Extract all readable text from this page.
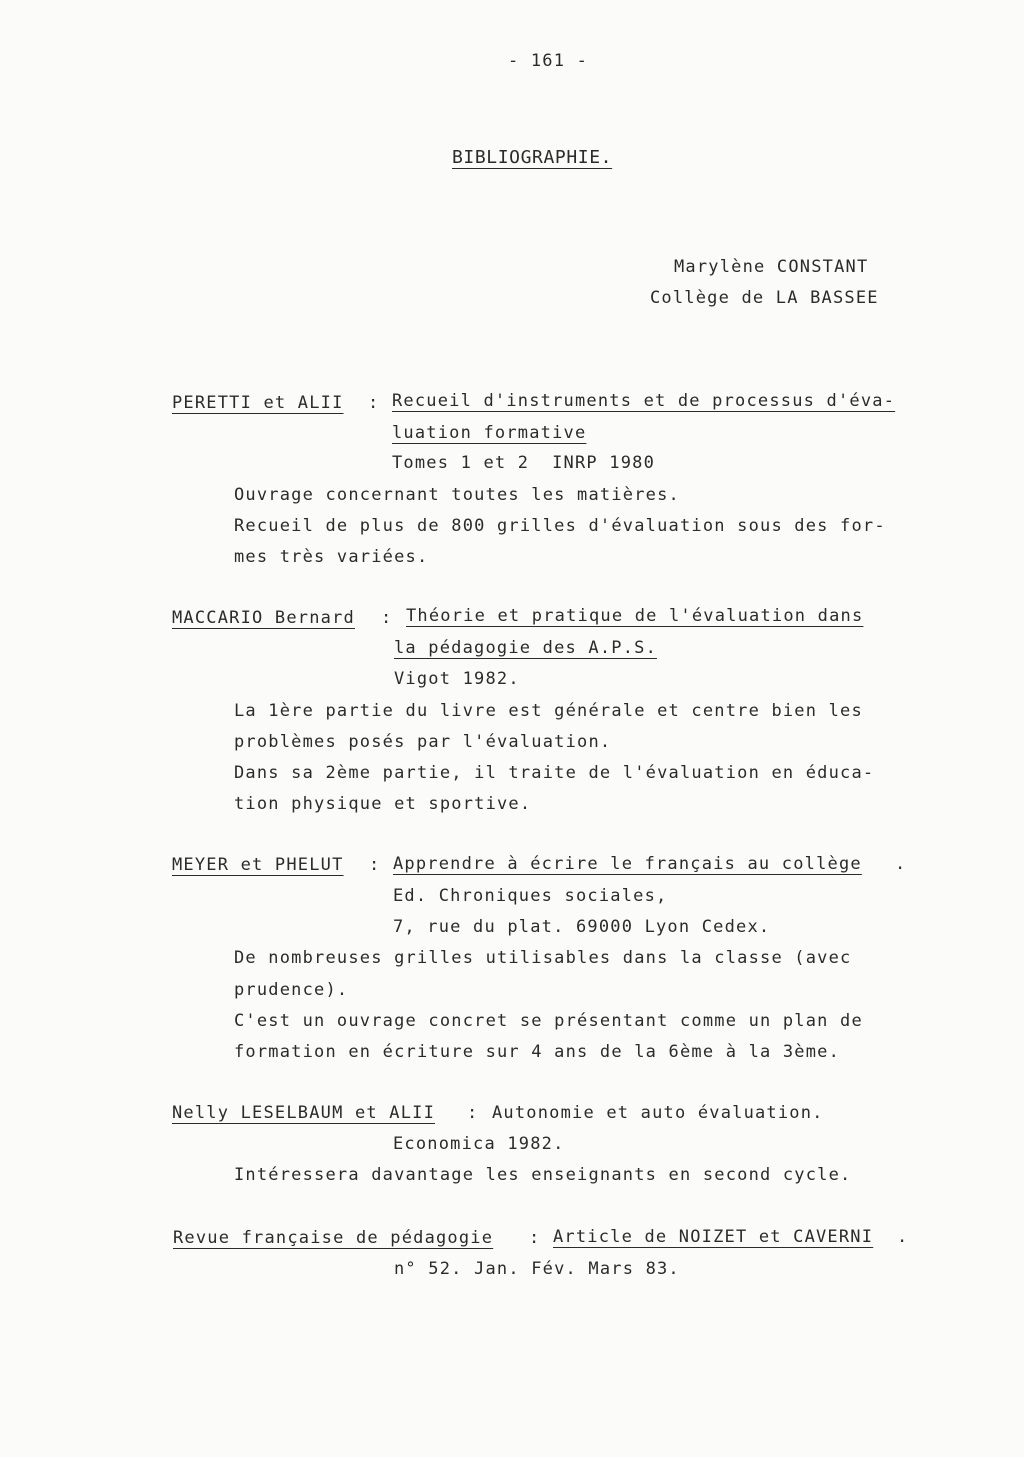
- 161 -
BIBLIOGRAPHIE.
Marylène CONSTANT
Collège de LA BASSEE
PERETTI et ALII : Recueil d'instruments et de processus d'éva-
luation formative
Tomes 1 et 2  INRP 1980
Ouvrage concernant toutes les matières.
Recueil de plus de 800 grilles d'évaluation sous des for-
mes très variées.
MACCARIO Bernard : Théorie et pratique de l'évaluation dans
la pédagogie des A.P.S.
Vigot 1982.
La 1ère partie du livre est générale et centre bien les
problèmes posés par l'évaluation.
Dans sa 2ème partie, il traite de l'évaluation en éduca-
tion physique et sportive.
MEYER et PHELUT : Apprendre à écrire le français au collège .
Ed. Chroniques sociales,
7, rue du plat. 69000 Lyon Cedex.
De nombreuses grilles utilisables dans la classe (avec
prudence).
C'est un ouvrage concret se présentant comme un plan de
formation en écriture sur 4 ans de la 6ème à la 3ème.
Nelly LESELBAUM et ALII : Autonomie et auto évaluation.
Economica 1982.
Intéressera davantage les enseignants en second cycle.
Revue française de pédagogie : Article de NOIZET et CAVERNI .
n° 52. Jan. Fév. Mars 83.
